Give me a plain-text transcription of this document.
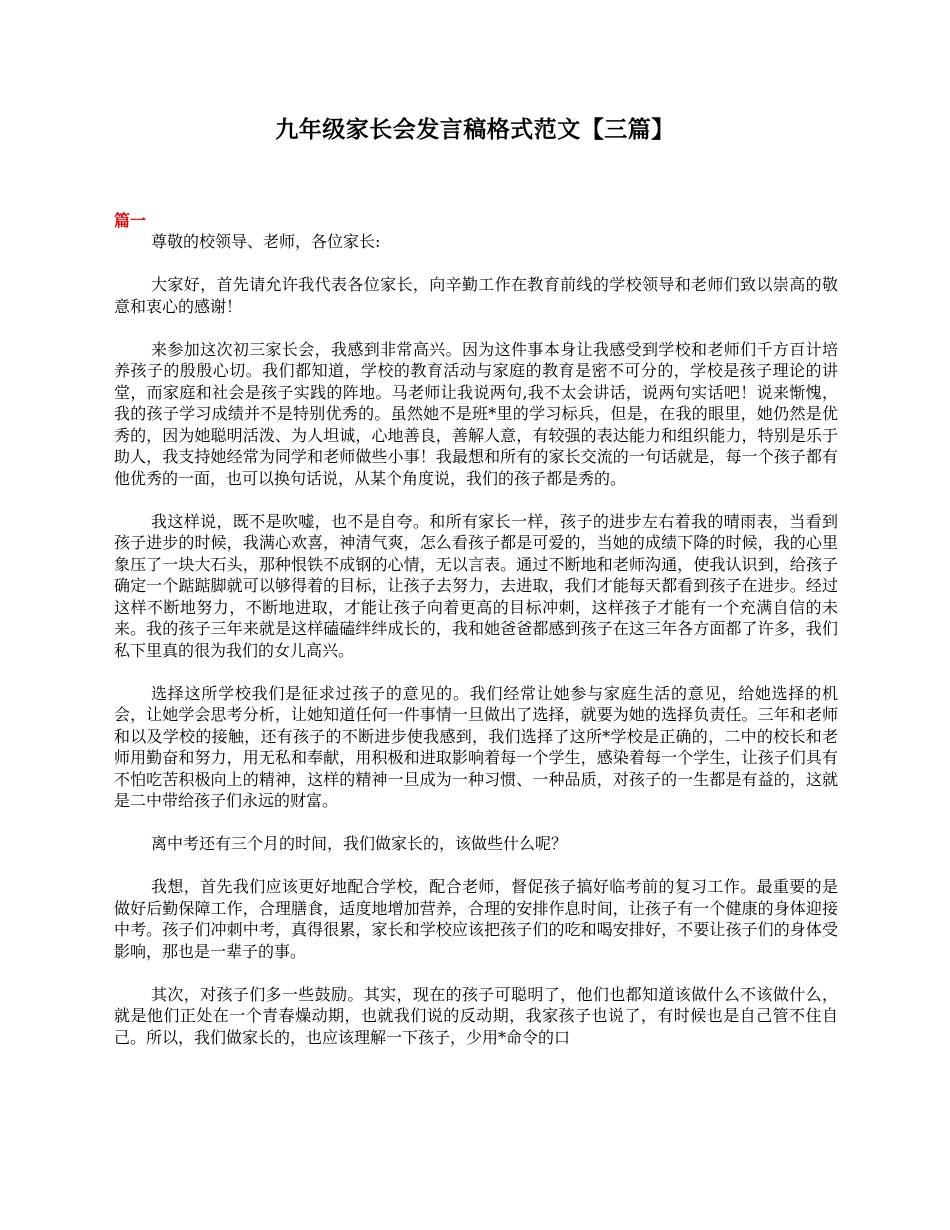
九年级家长会发言稿格式范文【三篇】
篇一

尊敬的校领导、老师，各位家长:

大家好，首先请允许我代表各位家长，向辛勤工作在教育前线的学校领导和老师们致以崇高的敬意和衷心的感谢！

来参加这次初三家长会，我感到非常高兴。因为这件事本身让我感受到学校和老师们千方百计培养孩子的殷殷心切。我们都知道，学校的教育活动与家庭的教育是密不可分的，学校是孩子理论的讲堂，而家庭和社会是孩子实践的阵地。马老师让我说两句,我不太会讲话，说两句实话吧！说来惭愧，我的孩子学习成绩并不是特别优秀的。虽然她不是班*里的学习标兵，但是，在我的眼里，她仍然是优秀的，因为她聪明活泼、为人坦诚，心地善良，善解人意，有较强的表达能力和组织能力，特别是乐于助人，我支持她经常为同学和老师做些小事！我最想和所有的家长交流的一句话就是，每一个孩子都有他优秀的一面，也可以换句话说，从某个角度说，我们的孩子都是秀的。

我这样说，既不是吹嘘，也不是自夸。和所有家长一样，孩子的进步左右着我的晴雨表，当看到孩子进步的时候，我满心欢喜，神清气爽，怎么看孩子都是可爱的，当她的成绩下降的时候，我的心里象压了一块大石头，那种恨铁不成钢的心情，无以言表。通过不断地和老师沟通，使我认识到，给孩子确定一个踮踮脚就可以够得着的目标，让孩子去努力，去进取，我们才能每天都看到孩子在进步。经过这样不断地努力，不断地进取，才能让孩子向着更高的目标冲刺，这样孩子才能有一个充满自信的未来。我的孩子三年来就是这样磕磕绊绊成长的，我和她爸爸都感到孩子在这三年各方面都了许多，我们私下里真的很为我们的女儿高兴。

选择这所学校我们是征求过孩子的意见的。我们经常让她参与家庭生活的意见，给她选择的机会，让她学会思考分析，让她知道任何一件事情一旦做出了选择，就要为她的选择负责任。三年和老师和以及学校的接触，还有孩子的不断进步使我感到，我们选择了这所*学校是正确的，二中的校长和老师用勤奋和努力，用无私和奉献，用积极和进取影响着每一个学生，感染着每一个学生，让孩子们具有不怕吃苦积极向上的精神，这样的精神一旦成为一种习惯、一种品质，对孩子的一生都是有益的，这就是二中带给孩子们永远的财富。

离中考还有三个月的时间，我们做家长的，该做些什么呢？

我想，首先我们应该更好地配合学校，配合老师，督促孩子搞好临考前的复习工作。最重要的是做好后勤保障工作，合理膳食，适度地增加营养，合理的安排作息时间，让孩子有一个健康的身体迎接中考。孩子们冲刺中考，真得很累，家长和学校应该把孩子们的吃和喝安排好，不要让孩子们的身体受影响，那也是一辈子的事。

其次，对孩子们多一些鼓励。其实，现在的孩子可聪明了，他们也都知道该做什么不该做什么，就是他们正处在一个青春燥动期，也就我们说的反动期，我家孩子也说了，有时候也是自己管不住自己。所以，我们做家长的，也应该理解一下孩子，少用*命令的口
